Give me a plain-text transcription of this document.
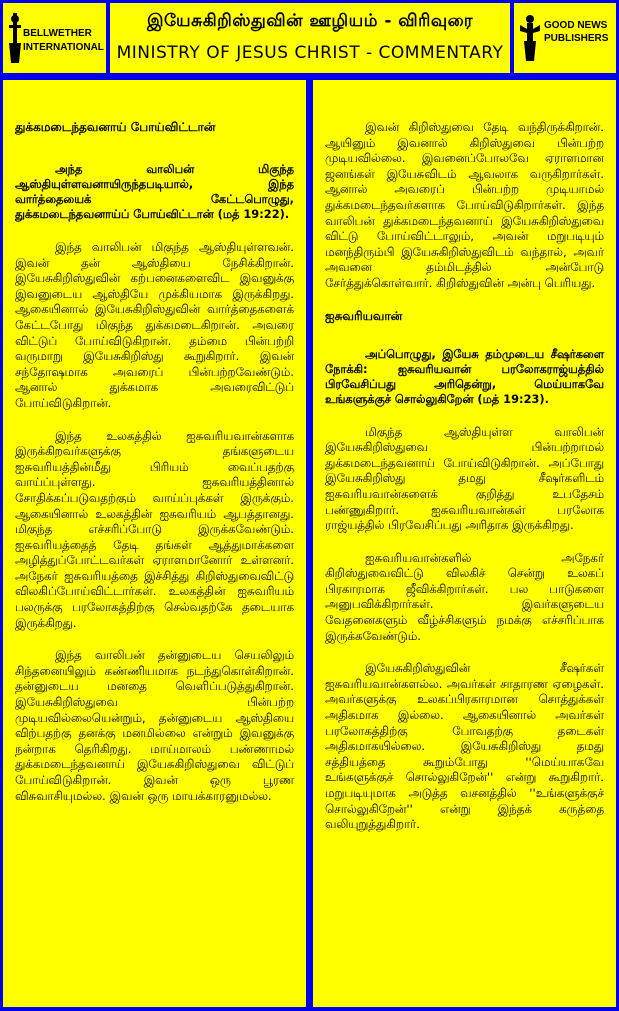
BELLWETHER
INTERNATIONAL
இயேசுகிறிஸ்துவின் ஊழியம் - விரிவுரை
MINISTRY OF JESUS CHRIST - COMMENTARY
GOOD NEWS
PUBLISHERS
துக்கமடைந்தவனாய் போய்விட்டான்
அந்த வாலிபன் மிகுந்த ஆஸ்தியுள்ளவனாயிருந்தபடியால், இந்த வார்த்தையைக் கேட்டபொழுது, துக்கமடைந்தவனாய்ப் போய்விட்டான் (மத் 19:22).

இந்த வாலிபன் மிகுந்த ஆஸ்தியுள்ளவன். இவன் தன் ஆஸ்தியை நேசிக்கிறான். இயேசுகிறிஸ்துவின் கற்பனைகளைவிட இவனுக்கு இவனுடைய ஆஸ்தியே முக்கியமாக இருக்கிறது. ஆகையினால் இயேசுகிறிஸ்துவின் வார்த்தைகளைக் கேட்டபோது மிகுந்த துக்கமடைகிறான். அவரை விட்டுப் போய்விடுகிறான். தம்மை பின்பற்றி வருமாறு இயேசுகிறிஸ்து கூறுகிறார். இவன் சந்தோஷமாக அவரைப் பின்பற்றவேண்டும். ஆனால் துக்கமாக அவரைவிட்டுப் போய்விடுகிறான்.

இந்த உலகத்தில் ஐசுவரியவான்களாக இருக்கிறவர்களுக்கு தங்களுடைய ஐசுவரியத்தின்மீது பிரியம் வைப்பதற்கு வாய்ப்புள்ளது. ஐசுவரியத்தினால் சோதிக்கப்படுவதற்கும் வாய்ப்புக்கள் இருக்கும். ஆகையினால் உலகத்தின் ஐசுவரியம் ஆபத்தானது. மிகுந்த எச்சரிப்போடு இருக்கவேண்டும். ஐசுவரியத்தைத் தேடி தங்கள் ஆத்துமாக்களை அழித்துப்போட்டவர்கள் ஏராளமானோர் உள்ளனர். அநேகர் ஐசுவரியத்தை இச்சித்து கிறிஸ்துவைவிட்டு விலகிப்போய்விட்டார்கள். உலகத்தின் ஐசுவரியம் பலருக்கு பரலோகத்திற்கு செல்வதற்கே தடையாக இருக்கிறது.

இந்த வாலிபன் தன்னுடைய செயலிலும் சிந்தனையிலும் கண்ணியமாக நடந்துகொள்கிறான். தன்னுடைய மனதை வெளிப்படுத்துகிறான். இயேசுகிறிஸ்துவை பின்பற்ற முடியவில்லையென்றும், தன்னுடைய ஆஸ்தியை விற்பதற்கு தனக்கு மனமில்லை என்றும் இவனுக்கு நன்றாக தெரிகிறது. மாய்மாலம் பண்ணாமல் துக்கமடைந்தவனாய் இயேசுகிறிஸ்துவை விட்டுப் போய்விடுகிறான். இவன் ஒரு பூரண விசுவாசியுமல்ல. இவன் ஒரு மாயக்காரனுமல்ல.

இவன் கிறிஸ்துவை தேடி வந்திருக்கிறான். ஆயினும் இவனால் கிறிஸ்துவை பின்பற்ற முடியவில்லை. இவனைப்போலவே ஏராளமான ஜனங்கள் இயேசுவிடம் ஆவலாக வருகிறார்கள். ஆனால் அவரைப் பின்பற்ற முடியாமல் துக்கமடைந்தவர்களாக போய்விடுகிறார்கள். இந்த வாலிபன் துக்கமடைந்தவனாய் இயேசுகிறிஸ்துவை விட்டு போய்விட்டாலும், அவன் மறுபடியும் மனந்திரும்பி இயேசுகிறிஸ்துவிடம் வந்தால், அவர் அவனை தம்மிடத்தில் அன்போடு சேர்த்துக்கொள்வார். கிறிஸ்துவின் அன்பு பெரியது.

ஐசுவரியவான்
அப்பொழுது, இயேசு தம்முடைய சீஷர்களை நோக்கி: ஐசுவரியவான் பரலோகராஜ்யத்தில் பிரவேசிப்பது அரிதென்று, மெய்யாகவே உங்களுக்குச் சொல்லுகிறேன் (மத் 19:23).

மிகுந்த ஆஸ்தியுள்ள வாலிபன் இயேசுகிறிஸ்துவை பின்பற்றாமல் துக்கமடைந்தவனாய் போய்விடுகிறான். அப்போது இயேசுகிறிஸ்து தமது சீஷர்களிடம் ஐசுவரியவான்களைக் குறித்து உபதேசம் பண்ணுகிறார். ஐசுவரியவான்கள் பரலோக ராஜ்யத்தில் பிரவேசிப்பது அரிதாக இருக்கிறது.

ஐசுவரியவான்களில் அநேகர் கிறிஸ்துவைவிட்டு விலகிச் சென்று உலகப் பிரகாரமாக ஜீவிக்கிறார்கள். பல பாடுகளை அனுபவிக்கிறார்கள். இவர்களுடைய வேதனைகளும் வீழ்ச்சிகளும் நமக்கு எச்சரிப்பாக இருக்கவேண்டும்.

இயேசுகிறிஸ்துவின் சீஷர்கள் ஐசுவரியவான்களல்ல. அவர்கள் சாதாரண ஏழைகள். அவர்களுக்கு உலகப்பிரகாரமான சொத்துக்கள் அதிகமாக இல்லை. ஆகையினால் அவர்கள் பரலோகத்திற்கு போவதற்கு தடைகள் அதிகமாகயில்லை. இயேசுகிறிஸ்து தமது சத்தியத்தை கூறும்போது ''மெய்யாகவே உங்களுக்குச் சொல்லுகிறேன்'' என்று கூறுகிறார். மறுபடியுமாக அடுத்த வசனத்தில் ''உங்களுக்குச் சொல்லுகிறேன்'' என்று இந்தக் கருத்தை வலியுறுத்துகிறார்.
